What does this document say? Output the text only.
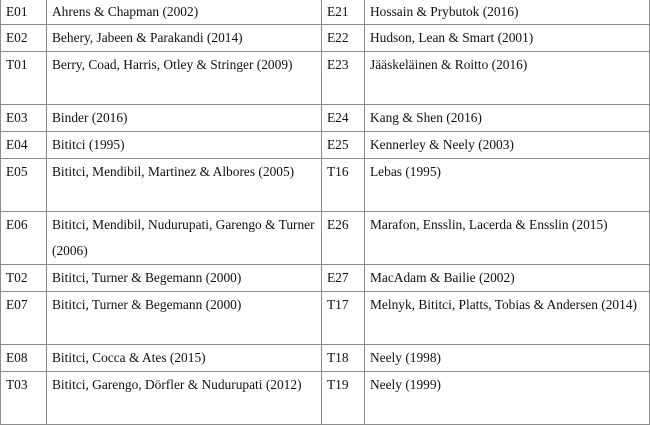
E01	Ahrens & Chapman (2002)	E21	Hossain & Prybutok (2016)
E02	Behery, Jabeen & Parakandi (2014)	E22	Hudson, Lean & Smart (2001)
T01	Berry, Coad, Harris, Otley & Stringer (2009)	E23	Jääskeläinen & Roitto (2016)
E03	Binder (2016)	E24	Kang & Shen (2016)
E04	Bititci (1995)	E25	Kennerley & Neely (2003)
E05	Bititci, Mendibil, Martinez & Albores (2005)	T16	Lebas (1995)
E06	Bititci, Mendibil, Nudurupati, Garengo & Turner (2006)	E26	Marafon, Ensslin, Lacerda & Ensslin (2015)
T02	Bititci, Turner & Begemann (2000)	E27	MacAdam & Bailie (2002)
E07	Bititci, Turner & Begemann (2000)	T17	Melnyk, Bititci, Platts, Tobias & Andersen (2014)
E08	Bititci, Cocca & Ates (2015)	T18	Neely (1998)
T03	Bititci, Garengo, Dörfler & Nudurupati (2012)	T19	Neely (1999)
